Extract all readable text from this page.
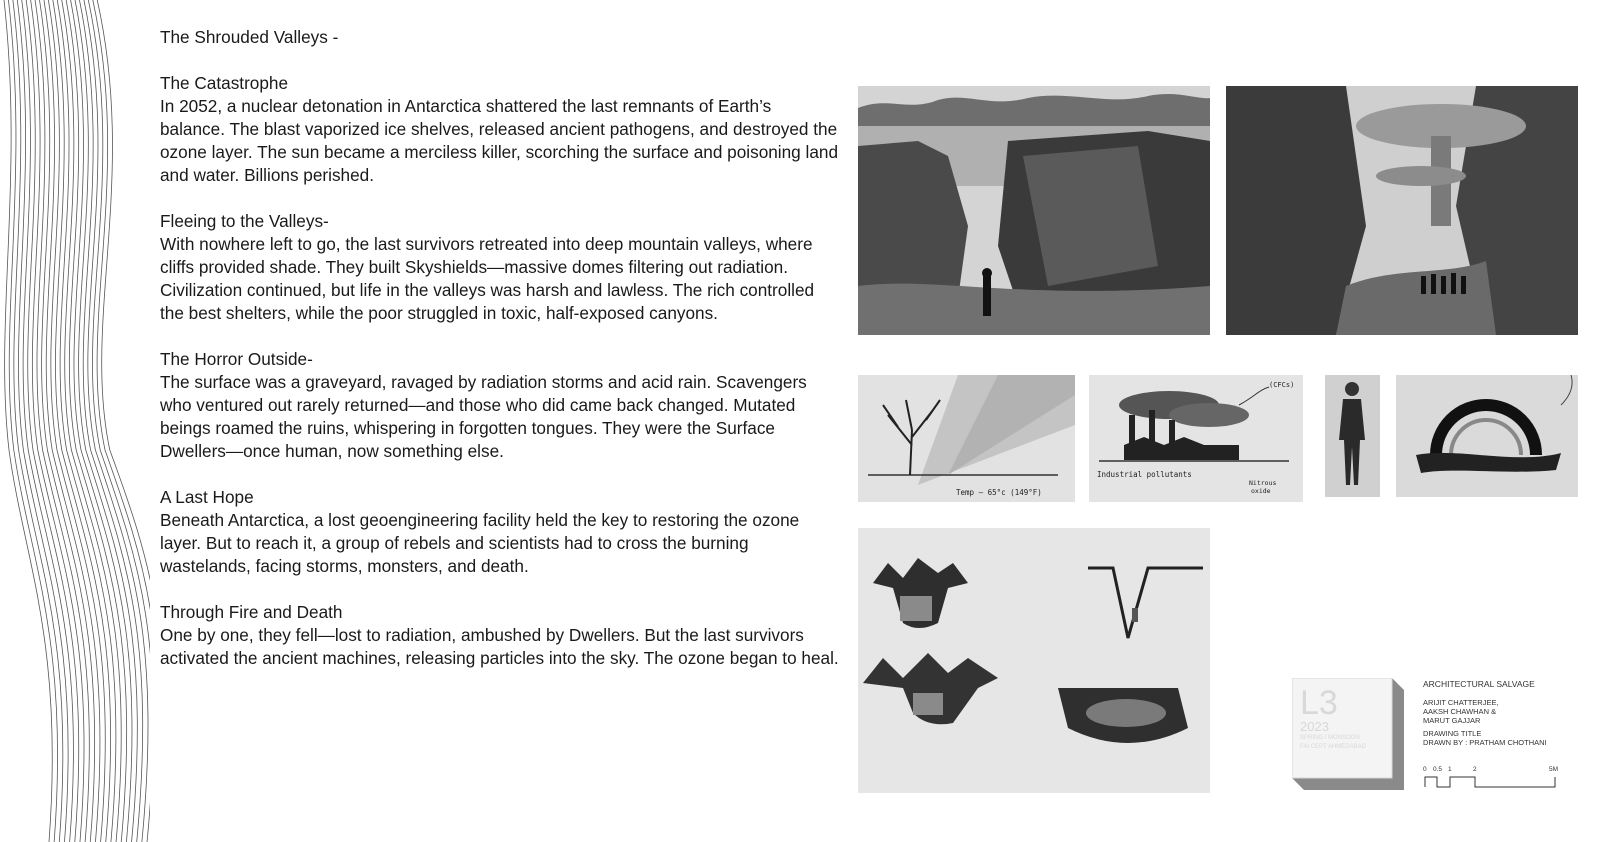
The Shrouded Valleys -

The Catastrophe

In 2052, a nuclear detonation in Antarctica shattered the last remnants of Earth’s balance. The blast vaporized ice shelves, released ancient pathogens, and destroyed the ozone layer. The sun became a merciless killer, scorching the surface and poisoning land and water. Billions perished.

Fleeing to the Valleys-

With nowhere left to go, the last survivors retreated into deep mountain valleys, where cliffs provided shade. They built Skyshields—massive domes filtering out radiation. Civilization continued, but life in the valleys was harsh and lawless. The rich controlled the best shelters, while the poor struggled in toxic, half-exposed canyons.

The Horror Outside-

The surface was a graveyard, ravaged by radiation storms and acid rain. Scavengers who ventured out rarely returned—and those who did came back changed. Mutated beings roamed the ruins, whispering in forgotten tongues. They were the Surface Dwellers—once human, now something else.

A Last Hope

Beneath Antarctica, a lost geoengineering facility held the key to restoring the ozone layer. But to reach it, a group of rebels and scientists had to cross the burning wastelands, facing storms, monsters, and death.

Through Fire and Death

One by one, they fell—lost to radiation, ambushed by Dwellers. But the last survivors activated the ancient machines, releasing particles into the sky. The ozone began to heal.

Temp — 65°c (149°F)
(CFCs)
Industrial pollutants
Nitrous
oxide
L3
2023
SPRING / MONSOON
FAI CEPT AHMEDABAD
ARCHITECTURAL SALVAGE
ARIJIT CHATTERJEE,
AAKSH CHAWHAN &
MARUT GAJJAR
DRAWING TITLE
DRAWN BY : PRATHAM CHOTHANI
0 0.5 1	2	5M
